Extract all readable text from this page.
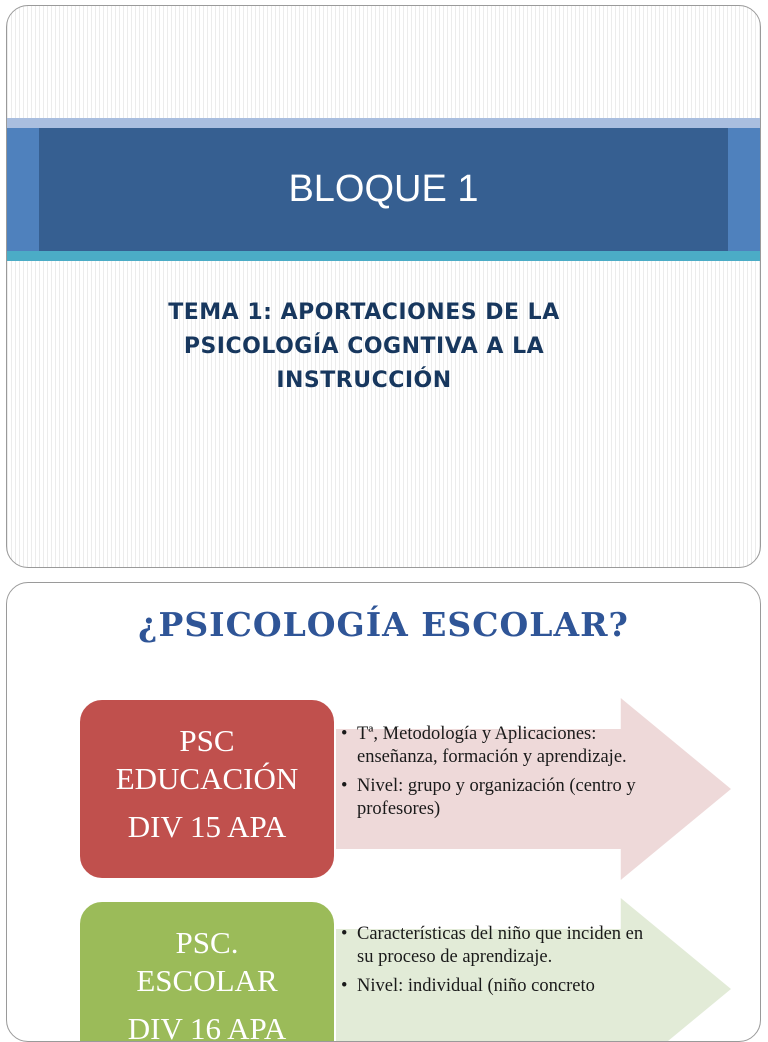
BLOQUE 1
TEMA 1: APORTACIONES DE LA
PSICOLOGÍA COGNTIVA A LA
INSTRUCCIÓN
¿PSICOLOGÍA ESCOLAR?
PSC
EDUCACIÓN
DIV 15 APA
• Tª, Metodología y Aplicaciones: enseñanza, formación y aprendizaje.
• Nivel: grupo y organización (centro y profesores)
PSC.
ESCOLAR
DIV 16 APA
• Características del niño que inciden en su proceso de aprendizaje.
• Nivel: individual (niño concreto
